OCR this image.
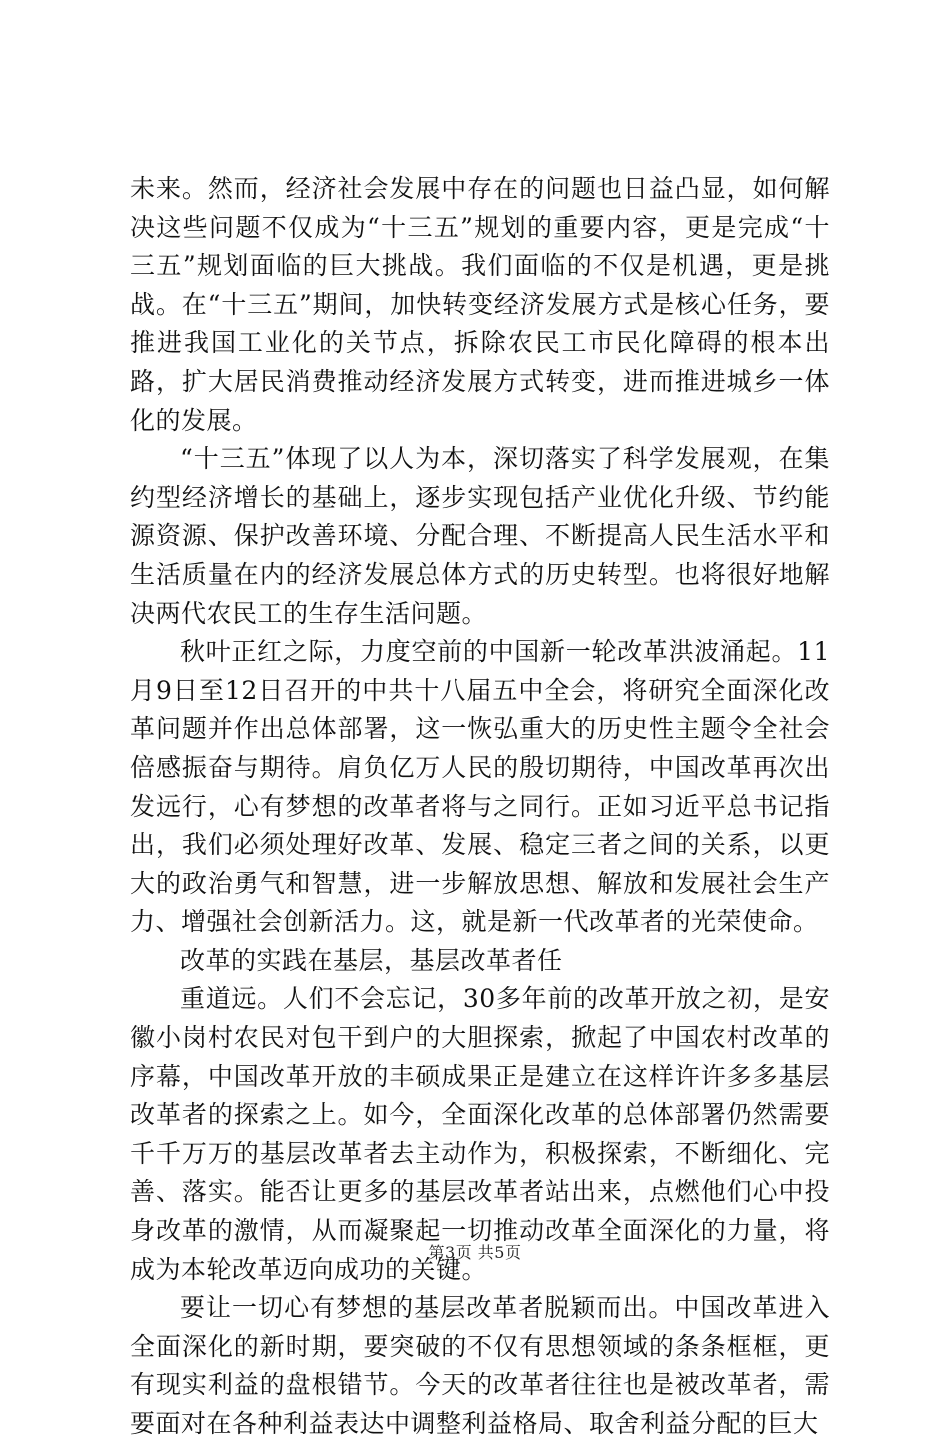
未来。然而，经济社会发展中存在的问题也日益凸显，如何解决这些问题不仅成为“十三五”规划的重要内容，更是完成“十三五”规划面临的巨大挑战。我们面临的不仅是机遇，更是挑战。在“十三五”期间，加快转变经济发展方式是核心任务，要推进我国工业化的关节点，拆除农民工市民化障碍的根本出路，扩大居民消费推动经济发展方式转变，进而推进城乡一体化的发展。

“十三五”体现了以人为本，深切落实了科学发展观，在集约型经济增长的基础上，逐步实现包括产业优化升级、节约能源资源、保护改善环境、分配合理、不断提高人民生活水平和生活质量在内的经济发展总体方式的历史转型。也将很好地解决两代农民工的生存生活问题。

秋叶正红之际，力度空前的中国新一轮改革洪波涌起。11月9日至12日召开的中共十八届五中全会，将研究全面深化改革问题并作出总体部署，这一恢弘重大的历史性主题令全社会倍感振奋与期待。肩负亿万人民的殷切期待，中国改革再次出发远行，心有梦想的改革者将与之同行。正如习近平总书记指出，我们必须处理好改革、发展、稳定三者之间的关系，以更大的政治勇气和智慧，进一步解放思想、解放和发展社会生产力、增强社会创新活力。这，就是新一代改革者的光荣使命。

改革的实践在基层，基层改革者任

重道远。人们不会忘记，30多年前的改革开放之初，是安徽小岗村农民对包干到户的大胆探索，掀起了中国农村改革的序幕，中国改革开放的丰硕成果正是建立在这样许许多多基层改革者的探索之上。如今，全面深化改革的总体部署仍然需要千千万万的基层改革者去主动作为，积极探索，不断细化、完善、落实。能否让更多的基层改革者站出来，点燃他们心中投身改革的激情，从而凝聚起一切推动改革全面深化的力量，将成为本轮改革迈向成功的关键。

要让一切心有梦想的基层改革者脱颖而出。中国改革进入全面深化的新时期，要突破的不仅有思想领域的条条框框，更有现实利益的盘根错节。今天的改革者往往也是被改革者，需要面对在各种利益表达中调整利益格局、取舍利益分配的巨大

第3页 共5页
